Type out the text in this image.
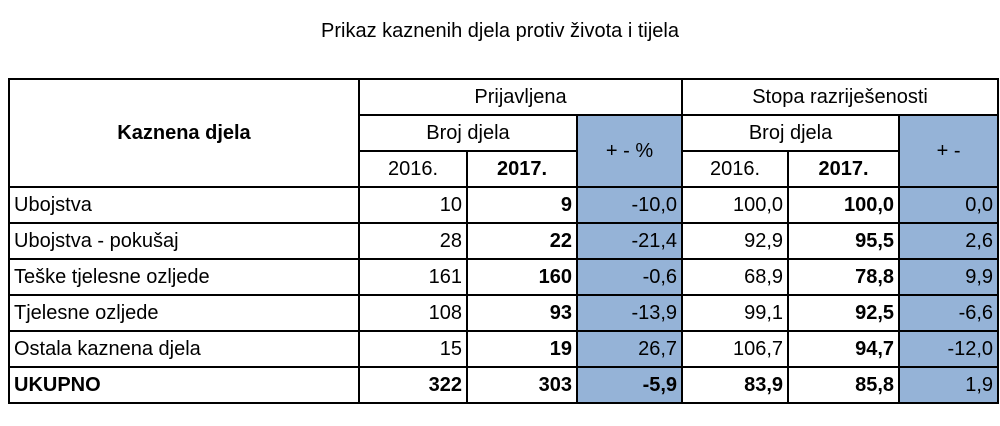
Prikaz kaznenih djela protiv života i tijela
Kaznena djela	Prijavljena			Stopa razriješenosti		
	Broj djela		+ - %	Broj djela		+ -
	2016.	2017.		2016.	2017.	
Ubojstva	10	9	-10,0	100,0	100,0	0,0
Ubojstva - pokušaj	28	22	-21,4	92,9	95,5	2,6
Teške tjelesne ozljede	161	160	-0,6	68,9	78,8	9,9
Tjelesne ozljede	108	93	-13,9	99,1	92,5	-6,6
Ostala kaznena djela	15	19	26,7	106,7	94,7	-12,0
UKUPNO	322	303	-5,9	83,9	85,8	1,9
